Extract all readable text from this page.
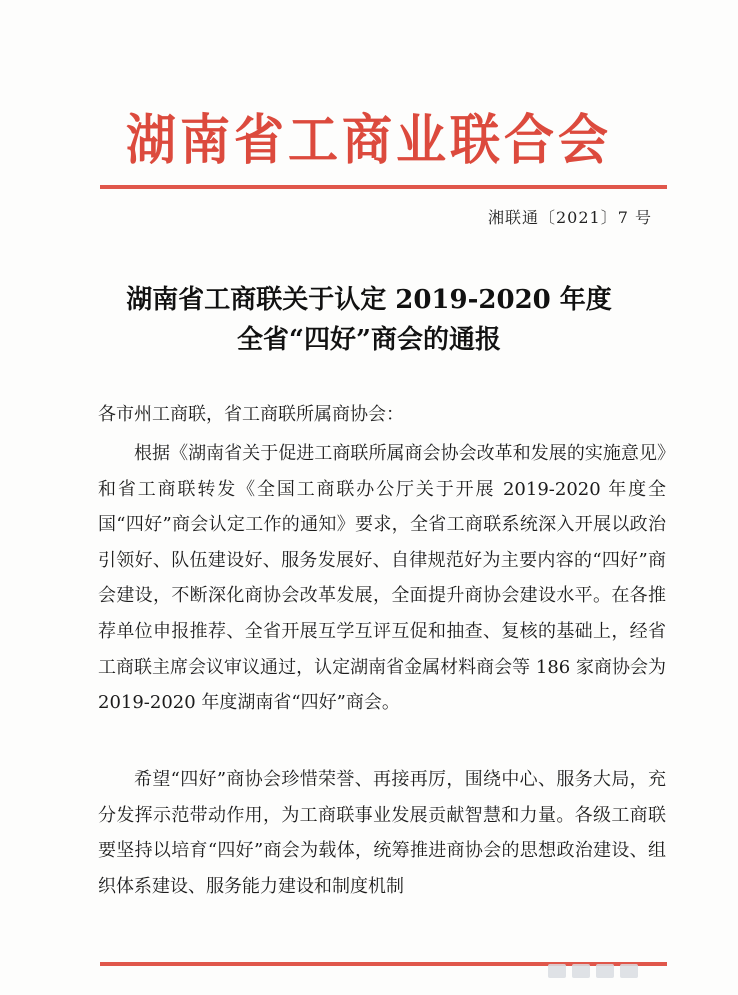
湖南省工商业联合会
湘联通〔2021〕7 号
湖南省工商联关于认定 2019-2020 年度
全省“四好”商会的通报
各市州工商联，省工商联所属商协会：

根据《湖南省关于促进工商联所属商会协会改革和发展的实施意见》和省工商联转发《全国工商联办公厅关于开展 2019-2020 年度全国“四好”商会认定工作的通知》要求，全省工商联系统深入开展以政治引领好、队伍建设好、服务发展好、自律规范好为主要内容的“四好”商会建设，不断深化商协会改革发展，全面提升商协会建设水平。在各推荐单位申报推荐、全省开展互学互评互促和抽查、复核的基础上，经省工商联主席会议审议通过，认定湖南省金属材料商会等 186 家商协会为 2019-2020 年度湖南省“四好”商会。

希望“四好”商协会珍惜荣誉、再接再厉，围绕中心、服务大局，充分发挥示范带动作用，为工商联事业发展贡献智慧和力量。各级工商联要坚持以培育“四好”商会为载体，统筹推进商协会的思想政治建设、组织体系建设、服务能力建设和制度机制
